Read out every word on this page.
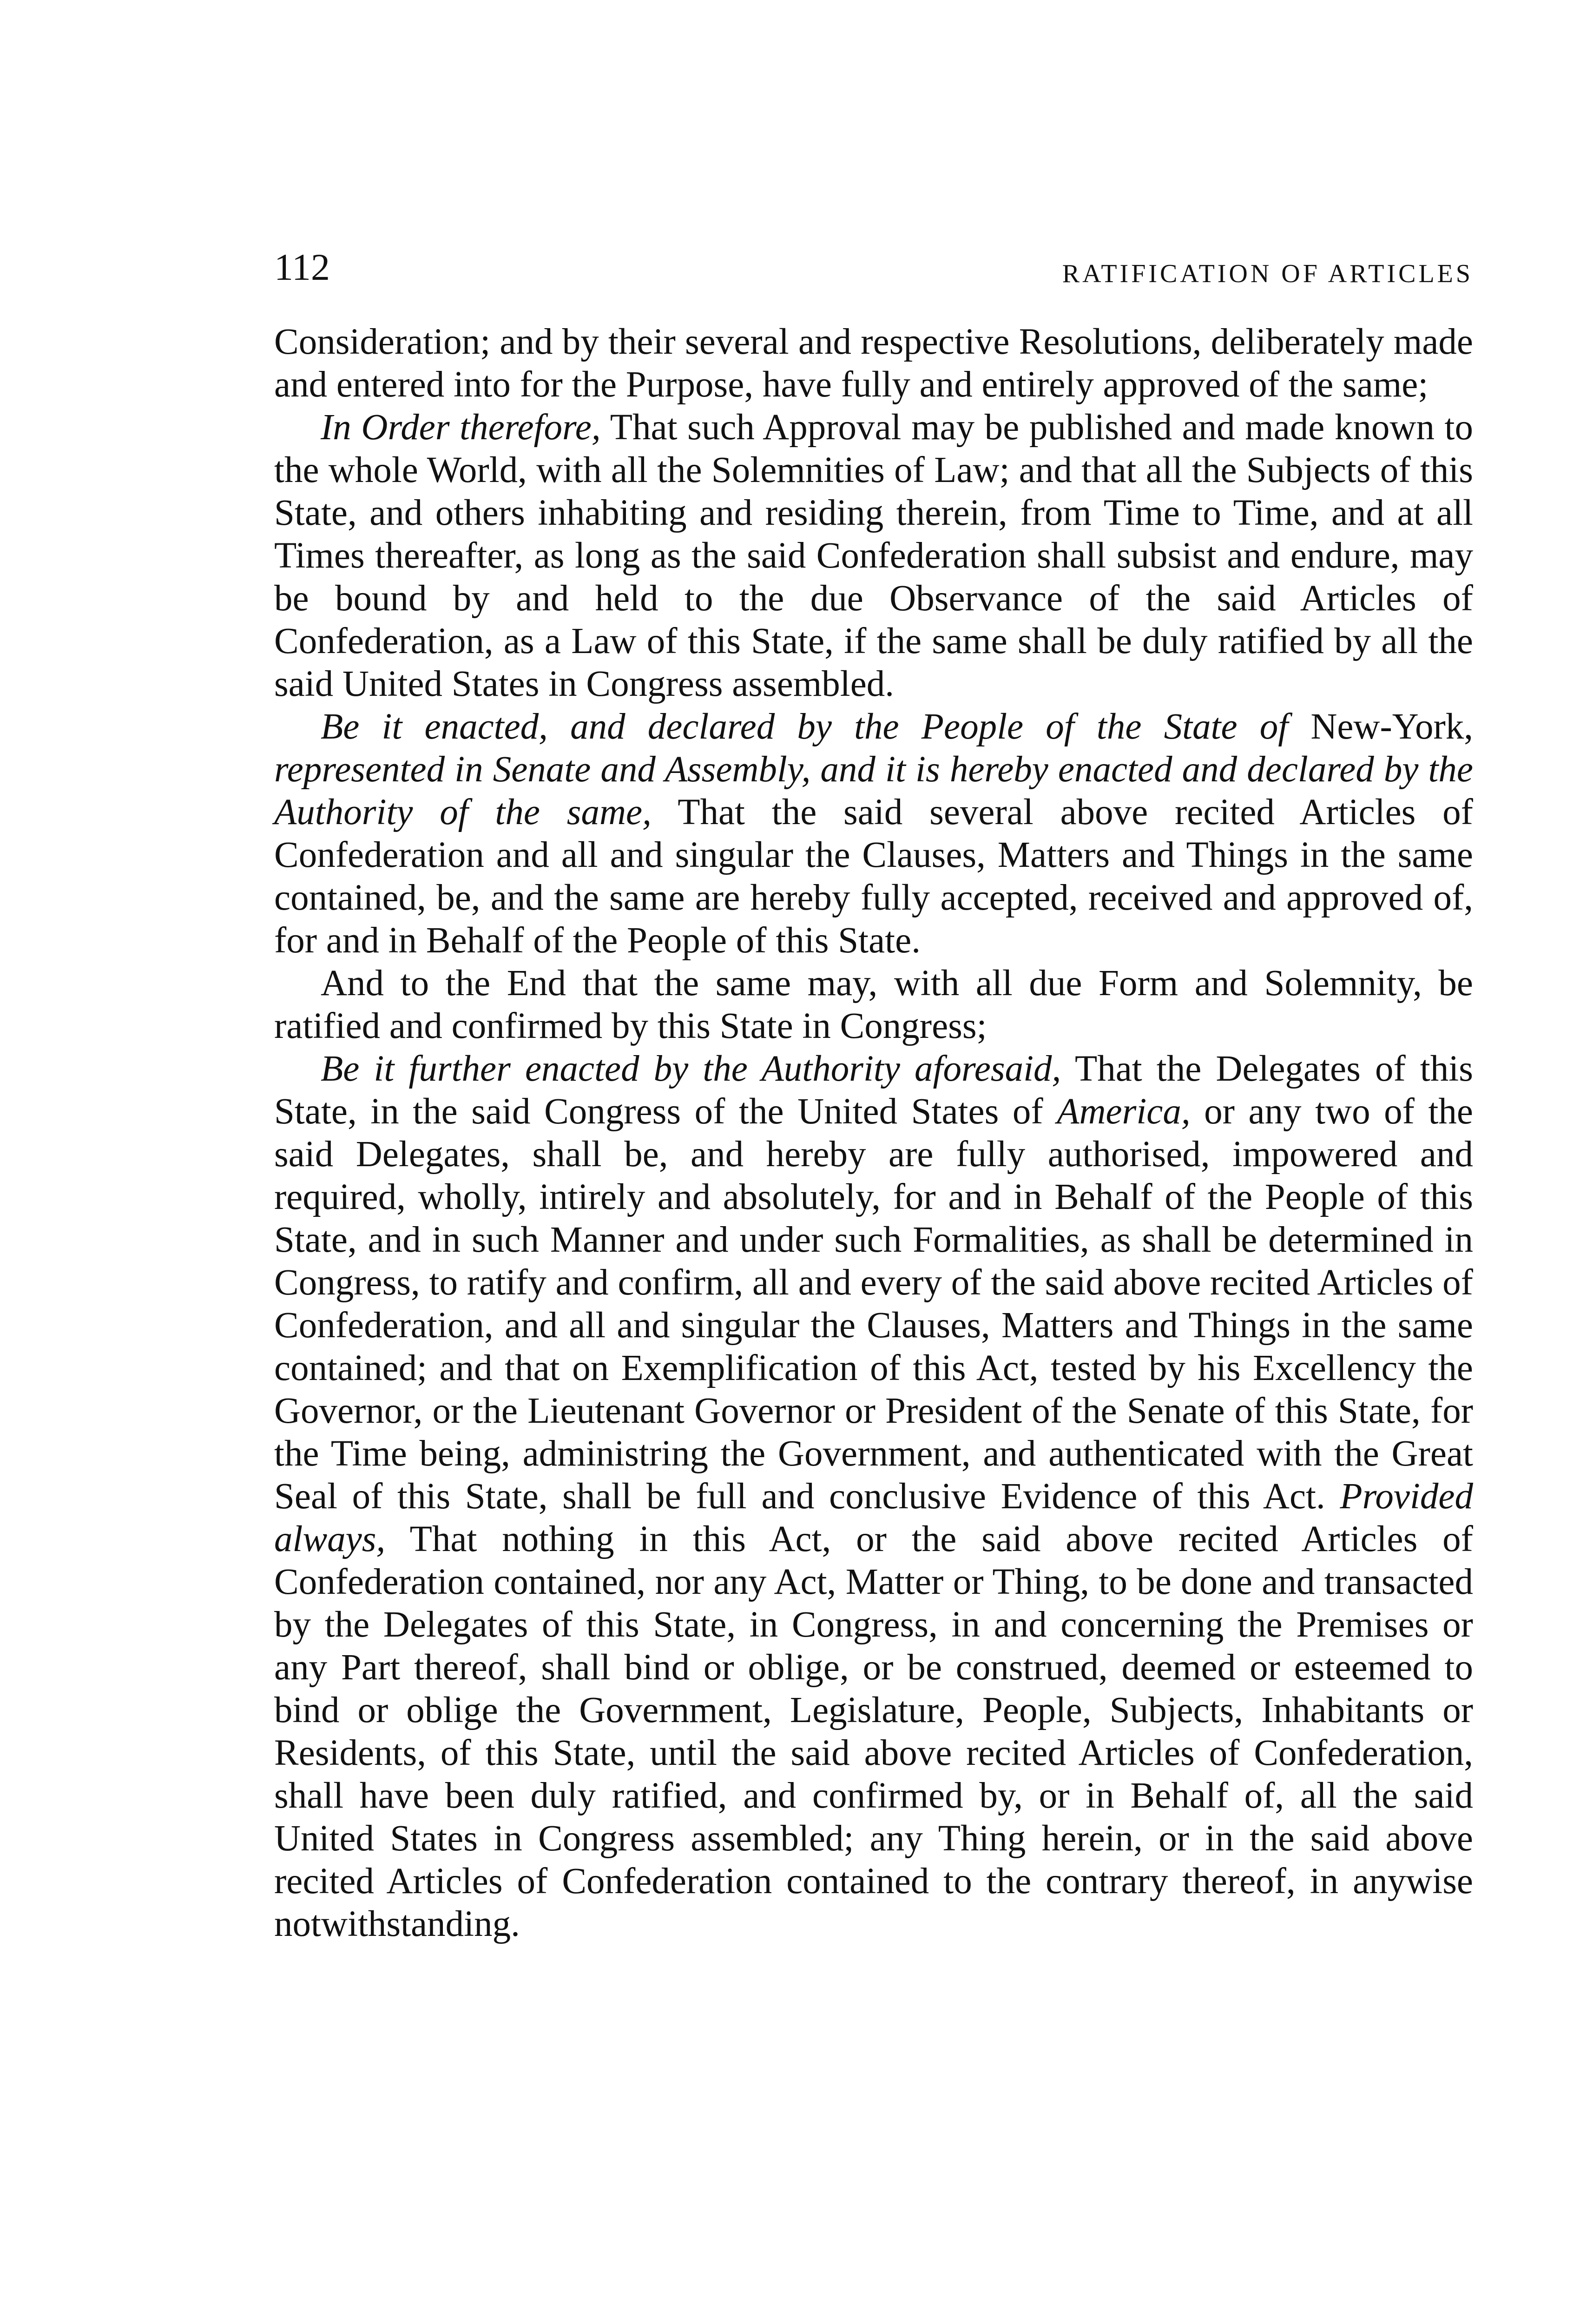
112	RATIFICATION OF ARTICLES

Consideration; and by their several and respective Resolutions, deliberately made and entered into for the Purpose, have fully and entirely approved of the same;

In Order therefore, That such Approval may be published and made known to the whole World, with all the Solemnities of Law; and that all the Subjects of this State, and others inhabiting and residing therein, from Time to Time, and at all Times thereafter, as long as the said Confederation shall subsist and endure, may be bound by and held to the due Observance of the said Articles of Confederation, as a Law of this State, if the same shall be duly ratified by all the said United States in Congress assembled.

Be it enacted, and declared by the People of the State of New-York, represented in Senate and Assembly, and it is hereby enacted and declared by the Authority of the same, That the said several above recited Articles of Confederation and all and singular the Clauses, Matters and Things in the same contained, be, and the same are hereby fully accepted, received and approved of, for and in Behalf of the People of this State.

And to the End that the same may, with all due Form and Solemnity, be ratified and confirmed by this State in Congress;

Be it further enacted by the Authority aforesaid, That the Delegates of this State, in the said Congress of the United States of America, or any two of the said Delegates, shall be, and hereby are fully authorised, impowered and required, wholly, intirely and absolutely, for and in Behalf of the People of this State, and in such Manner and under such Formalities, as shall be determined in Congress, to ratify and confirm, all and every of the said above recited Articles of Confederation, and all and singular the Clauses, Matters and Things in the same contained; and that on Exemplification of this Act, tested by his Excellency the Governor, or the Lieutenant Governor or President of the Senate of this State, for the Time being, administring the Government, and authenticated with the Great Seal of this State, shall be full and conclusive Evidence of this Act. Provided always, That nothing in this Act, or the said above recited Articles of Confederation contained, nor any Act, Matter or Thing, to be done and transacted by the Delegates of this State, in Congress, in and concerning the Premises or any Part thereof, shall bind or oblige, or be construed, deemed or esteemed to bind or oblige the Government, Legislature, People, Subjects, Inhabitants or Residents, of this State, until the said above recited Articles of Confederation, shall have been duly ratified, and confirmed by, or in Behalf of, all the said United States in Congress assembled; any Thing herein, or in the said above recited Articles of Confederation contained to the contrary thereof, in anywise notwithstanding.
